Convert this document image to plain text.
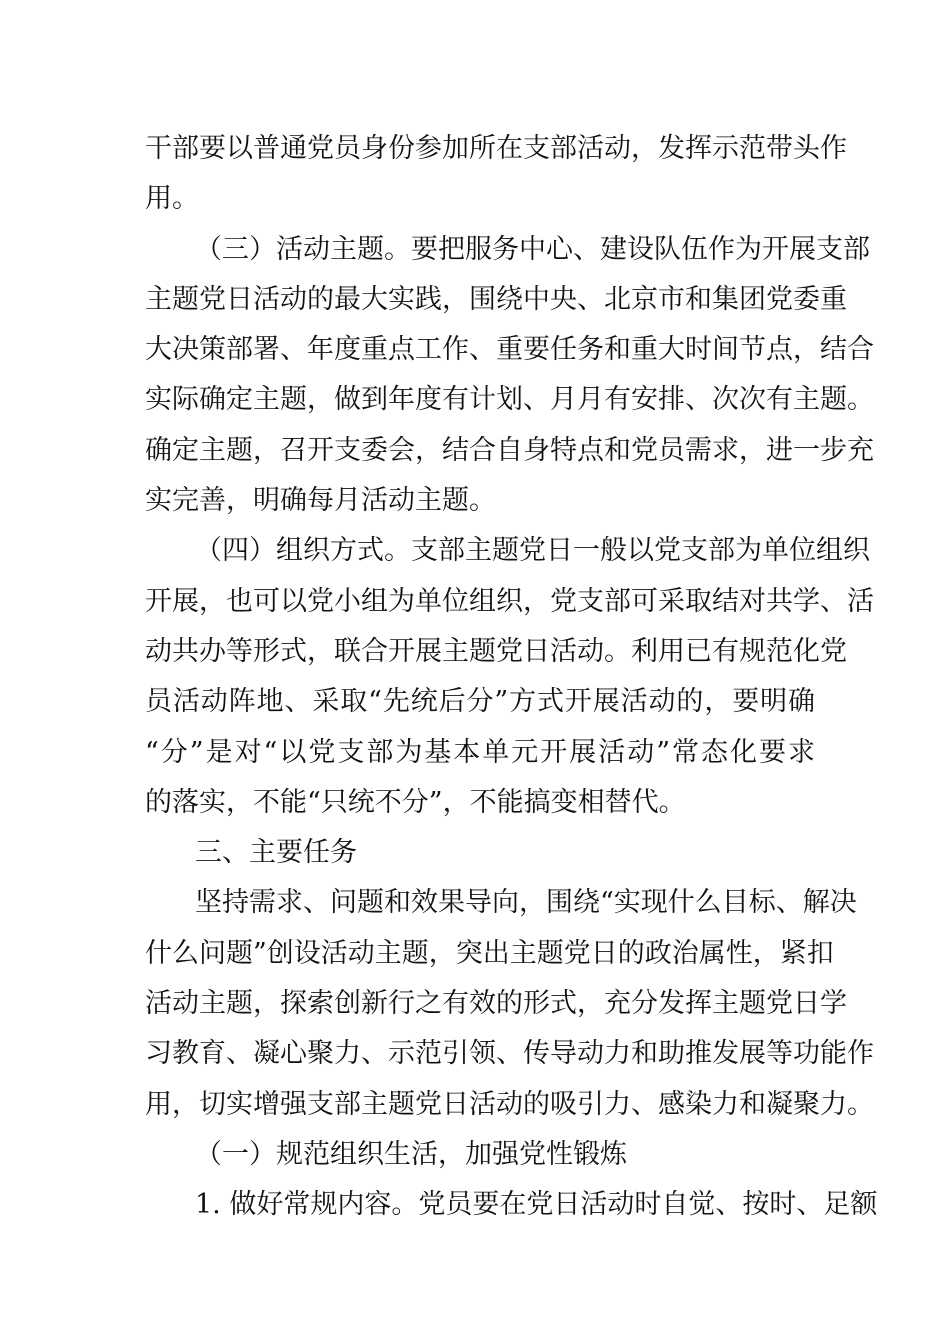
干部要以普通党员身份参加所在支部活动，发挥示范带头作
用。
（三）活动主题。要把服务中心、建设队伍作为开展支部
主题党日活动的最大实践，围绕中央、北京市和集团党委重
大决策部署、年度重点工作、重要任务和重大时间节点，结合
实际确定主题，做到年度有计划、月月有安排、次次有主题。
确定主题，召开支委会，结合自身特点和党员需求，进一步充
实完善，明确每月活动主题。
（四）组织方式。支部主题党日一般以党支部为单位组织
开展，也可以党小组为单位组织，党支部可采取结对共学、活
动共办等形式，联合开展主题党日活动。利用已有规范化党
员活动阵地、采取“先统后分”方式开展活动的，要明确
“分”是对“以党支部为基本单元开展活动”常态化要求
的落实，不能“只统不分”，不能搞变相替代。
三、主要任务
坚持需求、问题和效果导向，围绕“实现什么目标、解决
什么问题”创设活动主题，突出主题党日的政治属性，紧扣
活动主题，探索创新行之有效的形式，充分发挥主题党日学
习教育、凝心聚力、示范引领、传导动力和助推发展等功能作
用，切实增强支部主题党日活动的吸引力、感染力和凝聚力。
（一）规范组织生活，加强党性锻炼
1. 做好常规内容。党员要在党日活动时自觉、按时、足额
